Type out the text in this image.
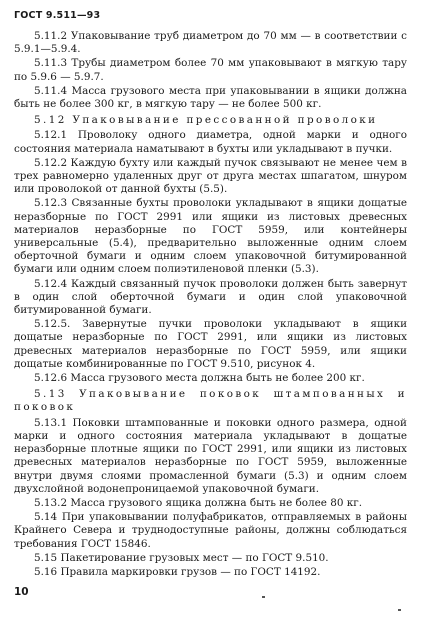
ГОСТ 9.511—93

5.11.2 Упаковывание труб диаметром до 70 мм — в соответствии с 5.9.1—5.9.4.

5.11.3 Трубы диаметром более 70 мм упаковывают в мягкую тару по 5.9.6 — 5.9.7.

5.11.4 Масса грузового места при упаковывании в ящики должна быть не более 300 кг, в мягкую тару — не более 500 кг.

5.12 Упаковывание прессованной проволоки

5.12.1 Проволоку одного диаметра, одной марки и одного состояния материала наматывают в бухты или укладывают в пучки.

5.12.2 Каждую бухту или каждый пучок связывают не менее чем в трех равномерно удаленных друг от друга местах шпагатом, шнуром или проволокой от данной бухты (5.5).

5.12.3 Связанные бухты проволоки укладывают в ящики дощатые неразборные по ГОСТ 2991 или ящики из листовых древесных материалов неразборные по ГОСТ 5959, или контейнеры универсальные (5.4), предварительно выложенные одним слоем оберточной бумаги и одним слоем упаковочной битумированной бумаги или одним слоем полиэтиленовой пленки (5.3).

5.12.4 Каждый связанный пучок проволоки должен быть завернут в один слой оберточной бумаги и один слой упаковочной битумированной бумаги.

5.12.5. Завернутые пучки проволоки укладывают в ящики дощатые неразборные по ГОСТ 2991, или ящики из листовых древесных материалов неразборные по ГОСТ 5959, или ящики дощатые комбинированные по ГОСТ 9.510, рисунок 4.

5.12.6 Масса грузового места должна быть не более 200 кг.

5.13 Упаковывание поковок штампованных и поковок

5.13.1 Поковки штампованные и поковки одного размера, одной марки и одного состояния материала укладывают в дощатые неразборные плотные ящики по ГОСТ 2991, или ящики из листовых древесных материалов неразборные по ГОСТ 5959, выложенные внутри двумя слоями промасленной бумаги (5.3) и одним слоем двухслойной водонепроницаемой упаковочной бумаги.

5.13.2 Масса грузового ящика должна быть не более 80 кг.

5.14 При упаковывании полуфабрикатов, отправляемых в районы Крайнего Севера и труднодоступные районы, должны соблюдаться требования ГОСТ 15846.

5.15 Пакетирование грузовых мест — по ГОСТ 9.510.

5.16 Правила маркировки грузов — по ГОСТ 14192.

10
